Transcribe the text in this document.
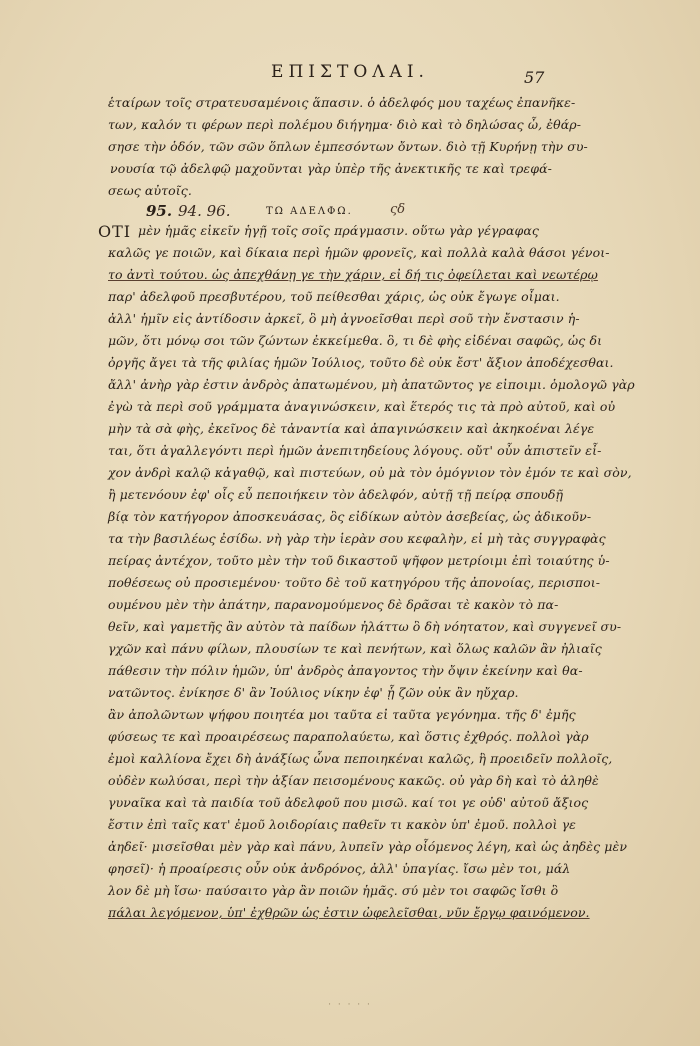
ΕΠΙΣΤΟΛΑΙ.	57
ἑταίρων τοῖς στρατευσαμένοις ἅπασιν. ὁ ἀδελφός μου ταχέως ἐπανῆκε-
των, καλόν τι φέρων περὶ πολέμου διήγημα· διὸ καὶ τὸ δηλώσας ὦ, ἐθάρ-
σησε τὴν ὁδόν, τῶν σῶν ὅπλων ἐμπεσόντων ὄντων. διὸ τῇ Κυρήνῃ τὴν συ-
νουσία τῷ ἀδελφῷ μαχοῦνται γὰρ ὑπὲρ τῆς ἀνεκτικῆς τε καὶ τρεφά-
σεως αὐτοῖς.
95. 94. 96.	ΤΩ ΑΔΕΛΦΩ.	ςδ
ΟΤΙ μὲν ἡμᾶς εἰκεῖν ἡγῇ τοῖς σοῖς πράγμασιν. οὕτω γὰρ γέγραφας
καλῶς γε ποιῶν, καὶ δίκαια περὶ ἡμῶν φρονεῖς, καὶ πολλὰ καλὰ θάσοι γένοι-
το ἀντὶ τούτου. ὡς ἀπεχθάνῃ γε τὴν χάριν, εἰ δή τις ὀφείλεται καὶ νεωτέρῳ
παρ' ἀδελφοῦ πρεσβυτέρου, τοῦ πείθεσθαι χάρις, ὡς οὐκ ἔγωγε οἶμαι.
ἀλλ' ἡμῖν εἰς ἀντίδοσιν ἀρκεῖ, ὃ μὴ ἀγνοεῖσθαι περὶ σοῦ τὴν ἔνστασιν ἡ-
μῶν, ὅτι μόνῳ σοι τῶν ζώντων ἐκκείμεθα. ὃ, τι δὲ φὴς εἰδέναι σαφῶς, ὡς δι
ὀργῆς ἄγει τὰ τῆς φιλίας ἡμῶν Ἰούλιος, τοῦτο δὲ οὐκ ἔστ' ἄξιον ἀποδέχεσθαι.
ἄλλ' ἀνὴρ γὰρ ἐστιν ἀνδρὸς ἀπατωμένου, μὴ ἀπατῶντος γε εἰποιμι. ὁμολογῶ γὰρ
ἐγὼ τὰ περὶ σοῦ γράμματα ἀναγινώσκειν, καὶ ἕτερός τις τὰ πρὸ αὐτοῦ, καὶ οὐ
μὴν τὰ σὰ φὴς, ἐκεῖνος δὲ τἀναντία καὶ ἀπαγινώσκειν καὶ ἀκηκοέναι λέγε
ται, ὅτι ἀγαλλεγόντι περὶ ἡμῶν ἀνεπιτηδείους λόγους. οὔτ' οὖν ἀπιστεῖν εἶ-
χον ἀνδρὶ καλῷ κἀγαθῷ, καὶ πιστεύων, οὐ μὰ τὸν ὁμόγνιον τὸν ἐμόν τε καὶ σὸν,
ἢ μετενόουν ἐφ' οἷς εὖ πεποιήκειν τὸν ἀδελφόν, αὐτῇ τῇ πείρᾳ σπουδῇ
βίᾳ τὸν κατήγορον ἀποσκευάσας, ὃς εἰδίκων αὐτὸν ἀσεβείας, ὡς ἀδικοῦν-
τα τὴν βασιλέως ἐσίδω. νὴ γὰρ τὴν ἱερὰν σου κεφαλὴν, εἰ μὴ τὰς συγγραφὰς
πείρας ἀντέχον, τοῦτο μὲν τὴν τοῦ δικαστοῦ ψῆφον μετρίοιμι ἐπὶ τοιαύτης ὑ-
ποθέσεως οὐ προσιεμένου· τοῦτο δὲ τοῦ κατηγόρου τῆς ἀπονοίας, περισποι-
ουμένου μὲν τὴν ἀπάτην, παρανομούμενος δὲ δρᾶσαι τὲ κακὸν τὸ πα-
θεῖν, καὶ γαμετῆς ἂν αὐτὸν τὰ παίδων ἠλάττω ὃ δὴ νόητατον, καὶ συγγενεῖ συ-
γχῶν καὶ πάνυ φίλων, πλουσίων τε καὶ πενήτων, καὶ ὅλως καλῶν ἂν ἠλιαῖς
πάθεσιν τὴν πόλιν ἡμῶν, ὑπ' ἀνδρὸς ἀπαγοντος τὴν ὄψιν ἐκείνην καὶ θα-
νατῶντος. ἐνίκησε δ' ἂν Ἰούλιος νίκην ἐφ' ᾗ ζῶν οὐκ ἂν ηὔχαρ.
ἂν ἀπολῶντων ψήφου ποιητέα μοι ταῦτα εἰ ταῦτα γεγόνημα. τῆς δ' ἐμῆς
φύσεως τε καὶ προαιρέσεως παραπολαύετω, καὶ ὅστις ἐχθρός. πολλοὶ γὰρ
ἐμοὶ καλλίονα ἔχει δὴ ἀνάξίως ὧνα πεποιηκέναι καλῶς, ἣ προειδεῖν πολλοῖς,
οὐδὲν κωλύσαι, περὶ τὴν ἀξίαν πεισομένους κακῶς. οὐ γὰρ δὴ καὶ τὸ ἀληθὲ
γυναῖκα καὶ τὰ παιδία τοῦ ἀδελφοῦ που μισῶ. καί τοι γε οὐδ' αὐτοῦ ἄξιος
ἔστιν ἐπὶ ταῖς κατ' ἐμοῦ λοιδορίαις παθεῖν τι κακὸν ὑπ' ἐμοῦ. πολλοὶ γε
ἀηδεῖ· μισεῖσθαι μὲν γὰρ καὶ πάνυ, λυπεῖν γὰρ οἷόμενος λέγη, καὶ ὡς ἀηδὲς μὲν
φησεῖ)· ἡ προαίρεσις οὖν οὐκ ἀνδρόνος, ἀλλ' ὑπαγίας. ἴσω μὲν τοι, μάλ
λον δὲ μὴ ἴσω· παύσαιτο γὰρ ἂν ποιῶν ἡμᾶς. σύ μὲν τοι σαφῶς ἴσθι ὃ
πάλαι λεγόμενον, ὑπ' ἐχθρῶν ὡς ἐστιν ὠφελεῖσθαι, νῦν ἔργῳ φαινόμενον.
· · · · ·
